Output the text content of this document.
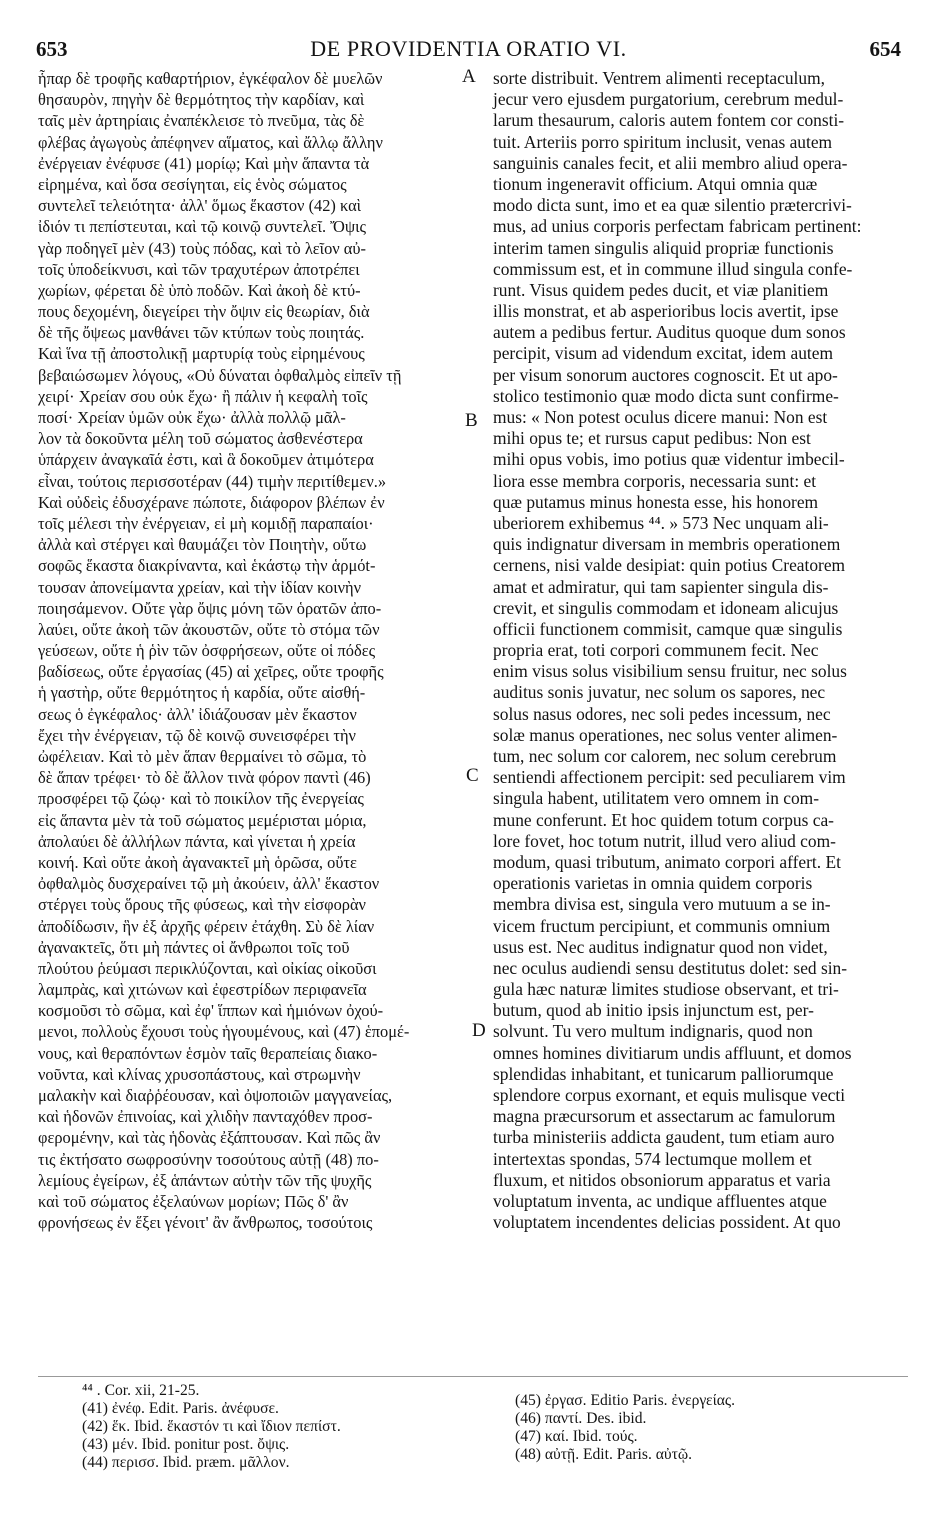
653	DE PROVIDENTIA ORATIO VI.	654
ἧπαρ δὲ τροφῆς καθαρτήριον, ἐγκέφαλον δὲ μυελῶν
θησαυρὸν, πηγὴν δὲ θερμότητος τὴν καρδίαν, καὶ
ταῖς μὲν ἀρτηρίαις ἐναπέκλεισε τὸ πνεῦμα, τὰς δὲ
φλέβας ἀγωγοὺς ἀπέφηνεν αἵματος, καὶ ἄλλῳ ἄλλην
ἐνέργειαν ἐνέφυσε (41) μορίῳ; Καὶ μὴν ἅπαντα τὰ
εἰρημένα, καὶ ὅσα σεσίγηται, εἰς ἑνὸς σώματος
συντελεῖ τελειότητα· ἀλλ' ὅμως ἕκαστον (42) καὶ
ἰδιόν τι πεπίστευται, καὶ τῷ κοινῷ συντελεῖ. Ὄψις
γὰρ ποδηγεῖ μὲν (43) τοὺς πόδας, καὶ τὸ λεῖον αὐ-
τοῖς ὑποδείκνυσι, καὶ τῶν τραχυτέρων ἀποτρέπει
χωρίων, φέρεται δὲ ὑπὸ ποδῶν. Καὶ ἀκοὴ δὲ κτύ-
πους δεχομένη, διεγείρει τὴν ὄψιν εἰς θεωρίαν, διὰ
δὲ τῆς ὄψεως μανθάνει τῶν κτύπων τοὺς ποιητάς.
Καὶ ἵνα τῇ ἀποστολικῇ μαρτυρίᾳ τοὺς εἰρημένους
βεβαιώσωμεν λόγους, «Οὐ δύναται ὀφθαλμὸς εἰπεῖν τῇ
χειρί· Χρείαν σου οὐκ ἔχω· ἢ πάλιν ἡ κεφαλὴ τοῖς
ποσί· Χρείαν ὑμῶν οὐκ ἔχω· ἀλλὰ πολλῷ μᾶλ-
λον τὰ δοκοῦντα μέλη τοῦ σώματος ἀσθενέστερα
ὑπάρχειν ἀναγκαῖά ἐστι, καὶ ἃ δοκοῦμεν ἀτιμότερα
εἶναι, τούτοις περισσοτέραν (44) τιμὴν περιτίθεμεν.»
Καὶ οὐδεὶς ἐδυσχέρανε πώποτε, διάφορον βλέπων ἐν
τοῖς μέλεσι τὴν ἐνέργειαν, εἰ μὴ κομιδῇ παραπαίοι·
ἀλλὰ καὶ στέργει καὶ θαυμάζει τὸν Ποιητὴν, οὕτω
σοφῶς ἕκαστα διακρίναντα, καὶ ἑκάστῳ τὴν ἁρμόt-
τουσαν ἀπονείμαντα χρείαν, καὶ τὴν ἰδίαν κοινὴν
ποιησάμενον. Οὔτε γὰρ ὄψις μόνη τῶν ὁρατῶν ἀπο-
λαύει, οὔτε ἀκοὴ τῶν ἀκουστῶν, οὔτε τὸ στόμα τῶν
γεύσεων, οὔτε ἡ ῥὶν τῶν ὀσφρήσεων, οὔτε οἱ πόδες
βαδίσεως, οὔτε ἐργασίας (45) αἱ χεῖρες, οὔτε τροφῆς
ἡ γαστὴρ, οὔτε θερμότητος ἡ καρδία, οὔτε αἰσθή-
σεως ὁ ἐγκέφαλος· ἀλλ' ἰδιάζουσαν μὲν ἕκαστον
ἔχει τὴν ἐνέργειαν, τῷ δὲ κοινῷ συνεισφέρει τὴν
ὠφέλειαν. Καὶ τὸ μὲν ἅπαν θερμαίνει τὸ σῶμα, τὸ
δὲ ἅπαν τρέφει· τὸ δὲ ἄλλον τινὰ φόρον παντὶ (46)
προσφέρει τῷ ζώῳ· καὶ τὸ ποικίλον τῆς ἐνεργείας
εἰς ἅπαντα μὲν τὰ τοῦ σώματος μεμέρισται μόρια,
ἀπολαύει δὲ ἀλλήλων πάντα, καὶ γίνεται ἡ χρεία
κοινή. Καὶ οὔτε ἀκοὴ ἀγανακτεῖ μὴ ὁρῶσα, οὔτε
ὀφθαλμὸς δυσχεραίνει τῷ μὴ ἀκούειν, ἀλλ' ἕκαστον
στέργει τοὺς ὅρους τῆς φύσεως, καὶ τὴν εἰσφορὰν
ἀποδίδωσιν, ἣν ἐξ ἀρχῆς φέρειν ἐτάχθη. Σὺ δὲ λίαν
ἀγανακτεῖς, ὅτι μὴ πάντες οἱ ἄνθρωποι τοῖς τοῦ
πλούτου ῥεύμασι περικλύζονται, καὶ οἰκίας οἰκοῦσι
λαμπρὰς, καὶ χιτώνων καὶ ἐφεστρίδων περιφανεῖα
κοσμοῦσι τὸ σῶμα, καὶ ἐφ' ἵππων καὶ ἡμιόνων ὀχού-
μενοι, πολλοὺς ἔχουσι τοὺς ἡγουμένους, καὶ (47) ἑπομέ-
νους, καὶ θεραπόντων ἑσμὸν ταῖς θεραπείαις διακο-
νοῦντα, καὶ κλίνας χρυσοπάστους, καὶ στρωμνὴν
μαλακὴν καὶ διαῤῥέουσαν, καὶ ὀψοποιῶν μαγγανείας,
καὶ ἡδονῶν ἐπινοίας, καὶ χλιδὴν πανταχόθεν προσ-
φερομένην, καὶ τὰς ἡδονὰς ἐξάπτουσαν. Καὶ πῶς ἂν
τις ἐκτήσατο σωφροσύνην τοσούτους αὐτῇ (48) πο-
λεμίους ἐγείρων, ἐξ ἁπάντων αὐτὴν τῶν τῆς ψυχῆς
καὶ τοῦ σώματος ἐξελαύνων μορίων; Πῶς δ' ἂν
φρονήσεως ἐν ἕξει γένοιτ' ἂν ἄνθρωπος, τοσούτοις
sorte distribuit. Ventrem alimenti receptaculum,
jecur vero ejusdem purgatorium, cerebrum medul-
larum thesaurum, caloris autem fontem cor consti-
tuit. Arteriis porro spiritum inclusit, venas autem
sanguinis canales fecit, et alii membro aliud opera-
tionum ingeneravit officium. Atqui omnia quæ
modo dicta sunt, imo et ea quæ silentio prætercrivi-
mus, ad unius corporis perfectam fabricam pertinent:
interim tamen singulis aliquid propriæ functionis
commissum est, et in commune illud singula confe-
runt. Visus quidem pedes ducit, et viæ planitiem
illis monstrat, et ab asperioribus locis avertit, ipse
autem a pedibus fertur. Auditus quoque dum sonos
percipit, visum ad videndum excitat, idem autem
per visum sonorum auctores cognoscit. Et ut apo-
stolico testimonio quæ modo dicta sunt confirme-
mus: « Non potest oculus dicere manui: Non est
mihi opus te; et rursus caput pedibus: Non est
mihi opus vobis, imo potius quæ videntur imbecil-
liora esse membra corporis, necessaria sunt: et
quæ putamus minus honesta esse, his honorem
uberiorem exhibemus ⁴⁴. » 573 Nec unquam ali-
quis indignatur diversam in membris operationem
cernens, nisi valde desipiat: quin potius Creatorem
amat et admiratur, qui tam sapienter singula dis-
crevit, et singulis commodam et idoneam alicujus
officii functionem commisit, camque quæ singulis
propria erat, toti corpori communem fecit. Nec
enim visus solus visibilium sensu fruitur, nec solus
auditus sonis juvatur, nec solum os sapores, nec
solus nasus odores, nec soli pedes incessum, nec
solæ manus operationes, nec solus venter alimen-
tum, nec solum cor calorem, nec solum cerebrum
sentiendi affectionem percipit: sed peculiarem vim
singula habent, utilitatem vero omnem in com-
mune conferunt. Et hoc quidem totum corpus ca-
lore fovet, hoc totum nutrit, illud vero aliud com-
modum, quasi tributum, animato corpori affert. Et
operationis varietas in omnia quidem corporis
membra divisa est, singula vero mutuum a se in-
vicem fructum percipiunt, et communis omnium
usus est. Nec auditus indignatur quod non videt,
nec oculus audiendi sensu destitutus dolet: sed sin-
gula hæc naturæ limites studiose observant, et tri-
butum, quod ab initio ipsis injunctum est, per-
solvunt. Tu vero multum indignaris, quod non
omnes homines divitiarum undis affluunt, et domos
splendidas inhabitant, et tunicarum palliorumque
splendore corpus exornant, et equis mulisque vecti
magna præcursorum et assectarum ac famulorum
turba ministeriis addicta gaudent, tum etiam auro
intertextas spondas, 574 lectumque mollem et
fluxum, et nitidos obsoniorum apparatus et varia
voluptatum inventa, ac undique affluentes atque
voluptatem incendentes delicias possident. At quo
A
B
C
D
⁴⁴ . Cor. xii, 21-25.
(41) ἐνέφ. Edit. Paris. ἀνέφυσε.
(42) ἕκ. Ibid. ἕκαστόν τι καὶ ἴδιον πεπίστ.
(43) μέν. Ibid. ponitur post. ὄψις.
(44) περισσ. Ibid. præm. μᾶλλον.
(45) ἐργασ. Editio Paris. ἐνεργείας.
(46) παντί. Des. ibid.
(47) καί. Ibid. τούς.
(48) αὐτῇ. Edit. Paris. αὐτῷ.
